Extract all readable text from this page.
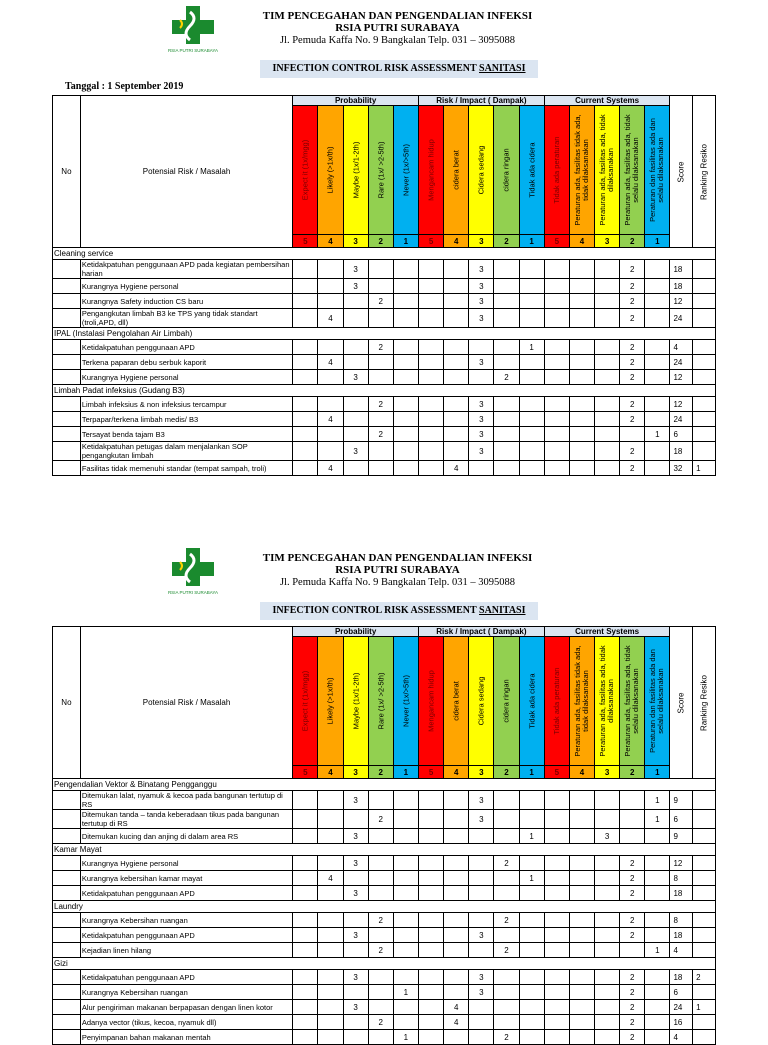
RSIA PUTRI SURABAYA
TIM PENCEGAHAN DAN PENGENDALIAN INFEKSI
RSIA PUTRI SURABAYA
Jl. Pemuda Kaffa No. 9 Bangkalan Telp. 031 – 3095088
INFECTION CONTROL RISK ASSESSMENT SANITASI
Tanggal : 1 September 2019
No	Potensial Risk / Masalah	Probability					Risk / Impact ( Dampak)					Current Systems					Score	Ranking Resiko

		Expect it (1x/mgg)	Likely (>1x/th)	Maybe (1x/1-2th)	Rare (1x/ >2-5th)	Never (1x/>5th)	Mengancam hidup	cidera berat	Cidera sedang	cidera ringan	Tidak ada cidera	Tidak ada peraturan	Peraturan ada, fasilitas tidak ada, tidak dilaksanakan	Peraturan ada, fasilitas ada, tidak dilaksanakan	Peraturan ada, fasilitas ada, tidak selalu dilaksanakan	Peraturan dan fasilitas ada dan selalu dilaksanakan		

		5	4	3	2	1	5	4	3	2	1	5	4	3	2	1		
Cleaning service																		
	Ketidakpatuhan penggunaan APD pada kegiatan pembersihan harian			3					3						2		18	
	Kurangnya Hygiene personal			3					3						2		18	
	Kurangnya Safety induction CS baru				2				3						2		12	
	Pengangkutan limbah B3 ke TPS yang tidak standart (troli,APD, dll)		4						3						2		24	
IPAL (Instalasi Pengolahan Air Limbah)																		
	Ketidakpatuhan penggunaan APD				2						1				2		4	
	Terkena paparan debu serbuk kaporit		4						3						2		24	
	Kurangnya Hygiene personal			3						2					2		12	
Limbah Padat infeksius (Gudang B3)																		
	Limbah infeksius & non infeksius tercampur				2				3						2		12	
	Terpapar/terkena limbah medis/ B3		4						3						2		24	
	Tersayat benda tajam B3				2				3							1	6	
	Ketidakpatuhan petugas dalam menjalankan SOP pengangkutan limbah			3					3						2		18	
	Fasilitas tidak memenuhi standar (tempat sampah, troli)		4					4							2		32	1
RSIA PUTRI SURABAYA
TIM PENCEGAHAN DAN PENGENDALIAN INFEKSI
RSIA PUTRI SURABAYA
Jl. Pemuda Kaffa No. 9 Bangkalan Telp. 031 – 3095088
INFECTION CONTROL RISK ASSESSMENT SANITASI
No	Potensial Risk / Masalah	Probability					Risk / Impact ( Dampak)					Current Systems					Score	Ranking Resiko

		Expect it (1x/mgg)	Likely (>1x/th)	Maybe (1x/1-2th)	Rare (1x/ >2-5th)	Never (1x/>5th)	Mengancam hidup	cidera berat	Cidera sedang	cidera ringan	Tidak ada cidera	Tidak ada peraturan	Peraturan ada, fasilitas tidak ada, tidak dilaksanakan	Peraturan ada, fasilitas ada, tidak dilaksanakan	Peraturan ada, fasilitas ada, tidak selalu dilaksanakan	Peraturan dan fasilitas ada dan selalu dilaksanakan		

		5	4	3	2	1	5	4	3	2	1	5	4	3	2	1		
Pengendalian Vektor & Binatang Pengganggu																		
	Ditemukan lalat, nyamuk & kecoa pada bangunan tertutup di RS			3					3							1	9	
	Ditemukan tanda – tanda keberadaan tikus pada bangunan tertutup di RS				2				3							1	6	
	Ditemukan kucing dan anjing di dalam area RS			3							1			3			9	
Kamar Mayat																		
	Kurangnya Hygiene personal			3						2					2		12	
	Kurangnya kebersihan kamar mayat		4								1				2		8	
	Ketidakpatuhan penggunaan APD			3											2		18	
Laundry																		
	Kurangnya Kebersihan ruangan				2					2					2		8	
	Ketidakpatuhan penggunaan APD			3					3						2		18	
	Kejadian linen hilang				2					2						1	4	
Gizi																		
	Ketidakpatuhan penggunaan APD			3					3						2		18	2
	Kurangnya Kebersihan ruangan					1			3						2		6	
	Alur pengiriman makanan berpapasan dengan linen kotor			3				4							2		24	1
	Adanya vector (tikus, kecoa, nyamuk dll)				2			4							2		16	
	Penyimpanan bahan makanan mentah					1				2					2		4	
